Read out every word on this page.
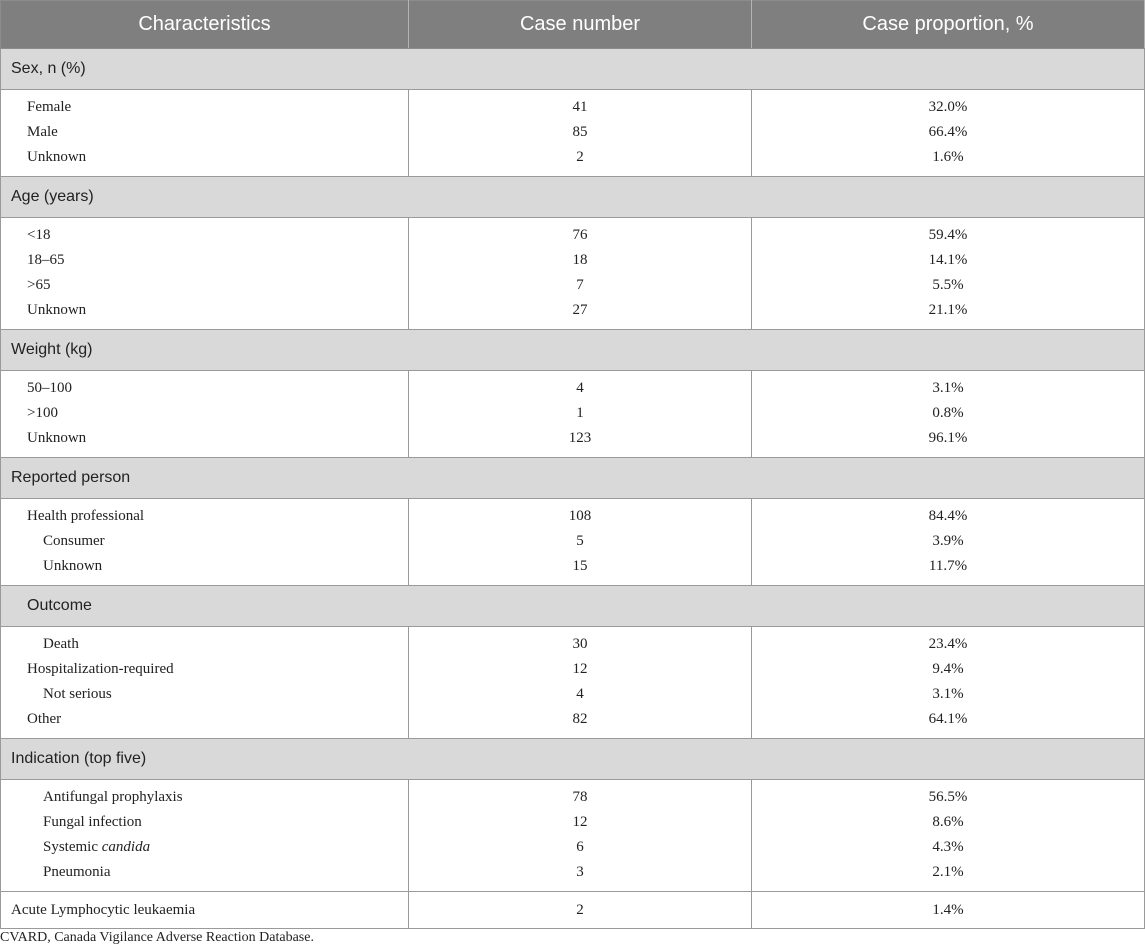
Characteristics	Case number	Case proportion, %
Sex, n (%)		
Female	41	32.0%
Male	85	66.4%
Unknown	2	1.6%
Age (years)		
<18	76	59.4%
18–65	18	14.1%
>65	7	5.5%
Unknown	27	21.1%
Weight (kg)		
50–100	4	3.1%
>100	1	0.8%
Unknown	123	96.1%
Reported person		
Health professional	108	84.4%
Consumer	5	3.9%
Unknown	15	11.7%
Outcome		
Death	30	23.4%
Hospitalization-required	12	9.4%
Not serious	4	3.1%
Other	82	64.1%
Indication (top five)		
Antifungal prophylaxis	78	56.5%
Fungal infection	12	8.6%
Systemic candida	6	4.3%
Pneumonia	3	2.1%
Acute Lymphocytic leukaemia	2	1.4%
CVARD, Canada Vigilance Adverse Reaction Database.
